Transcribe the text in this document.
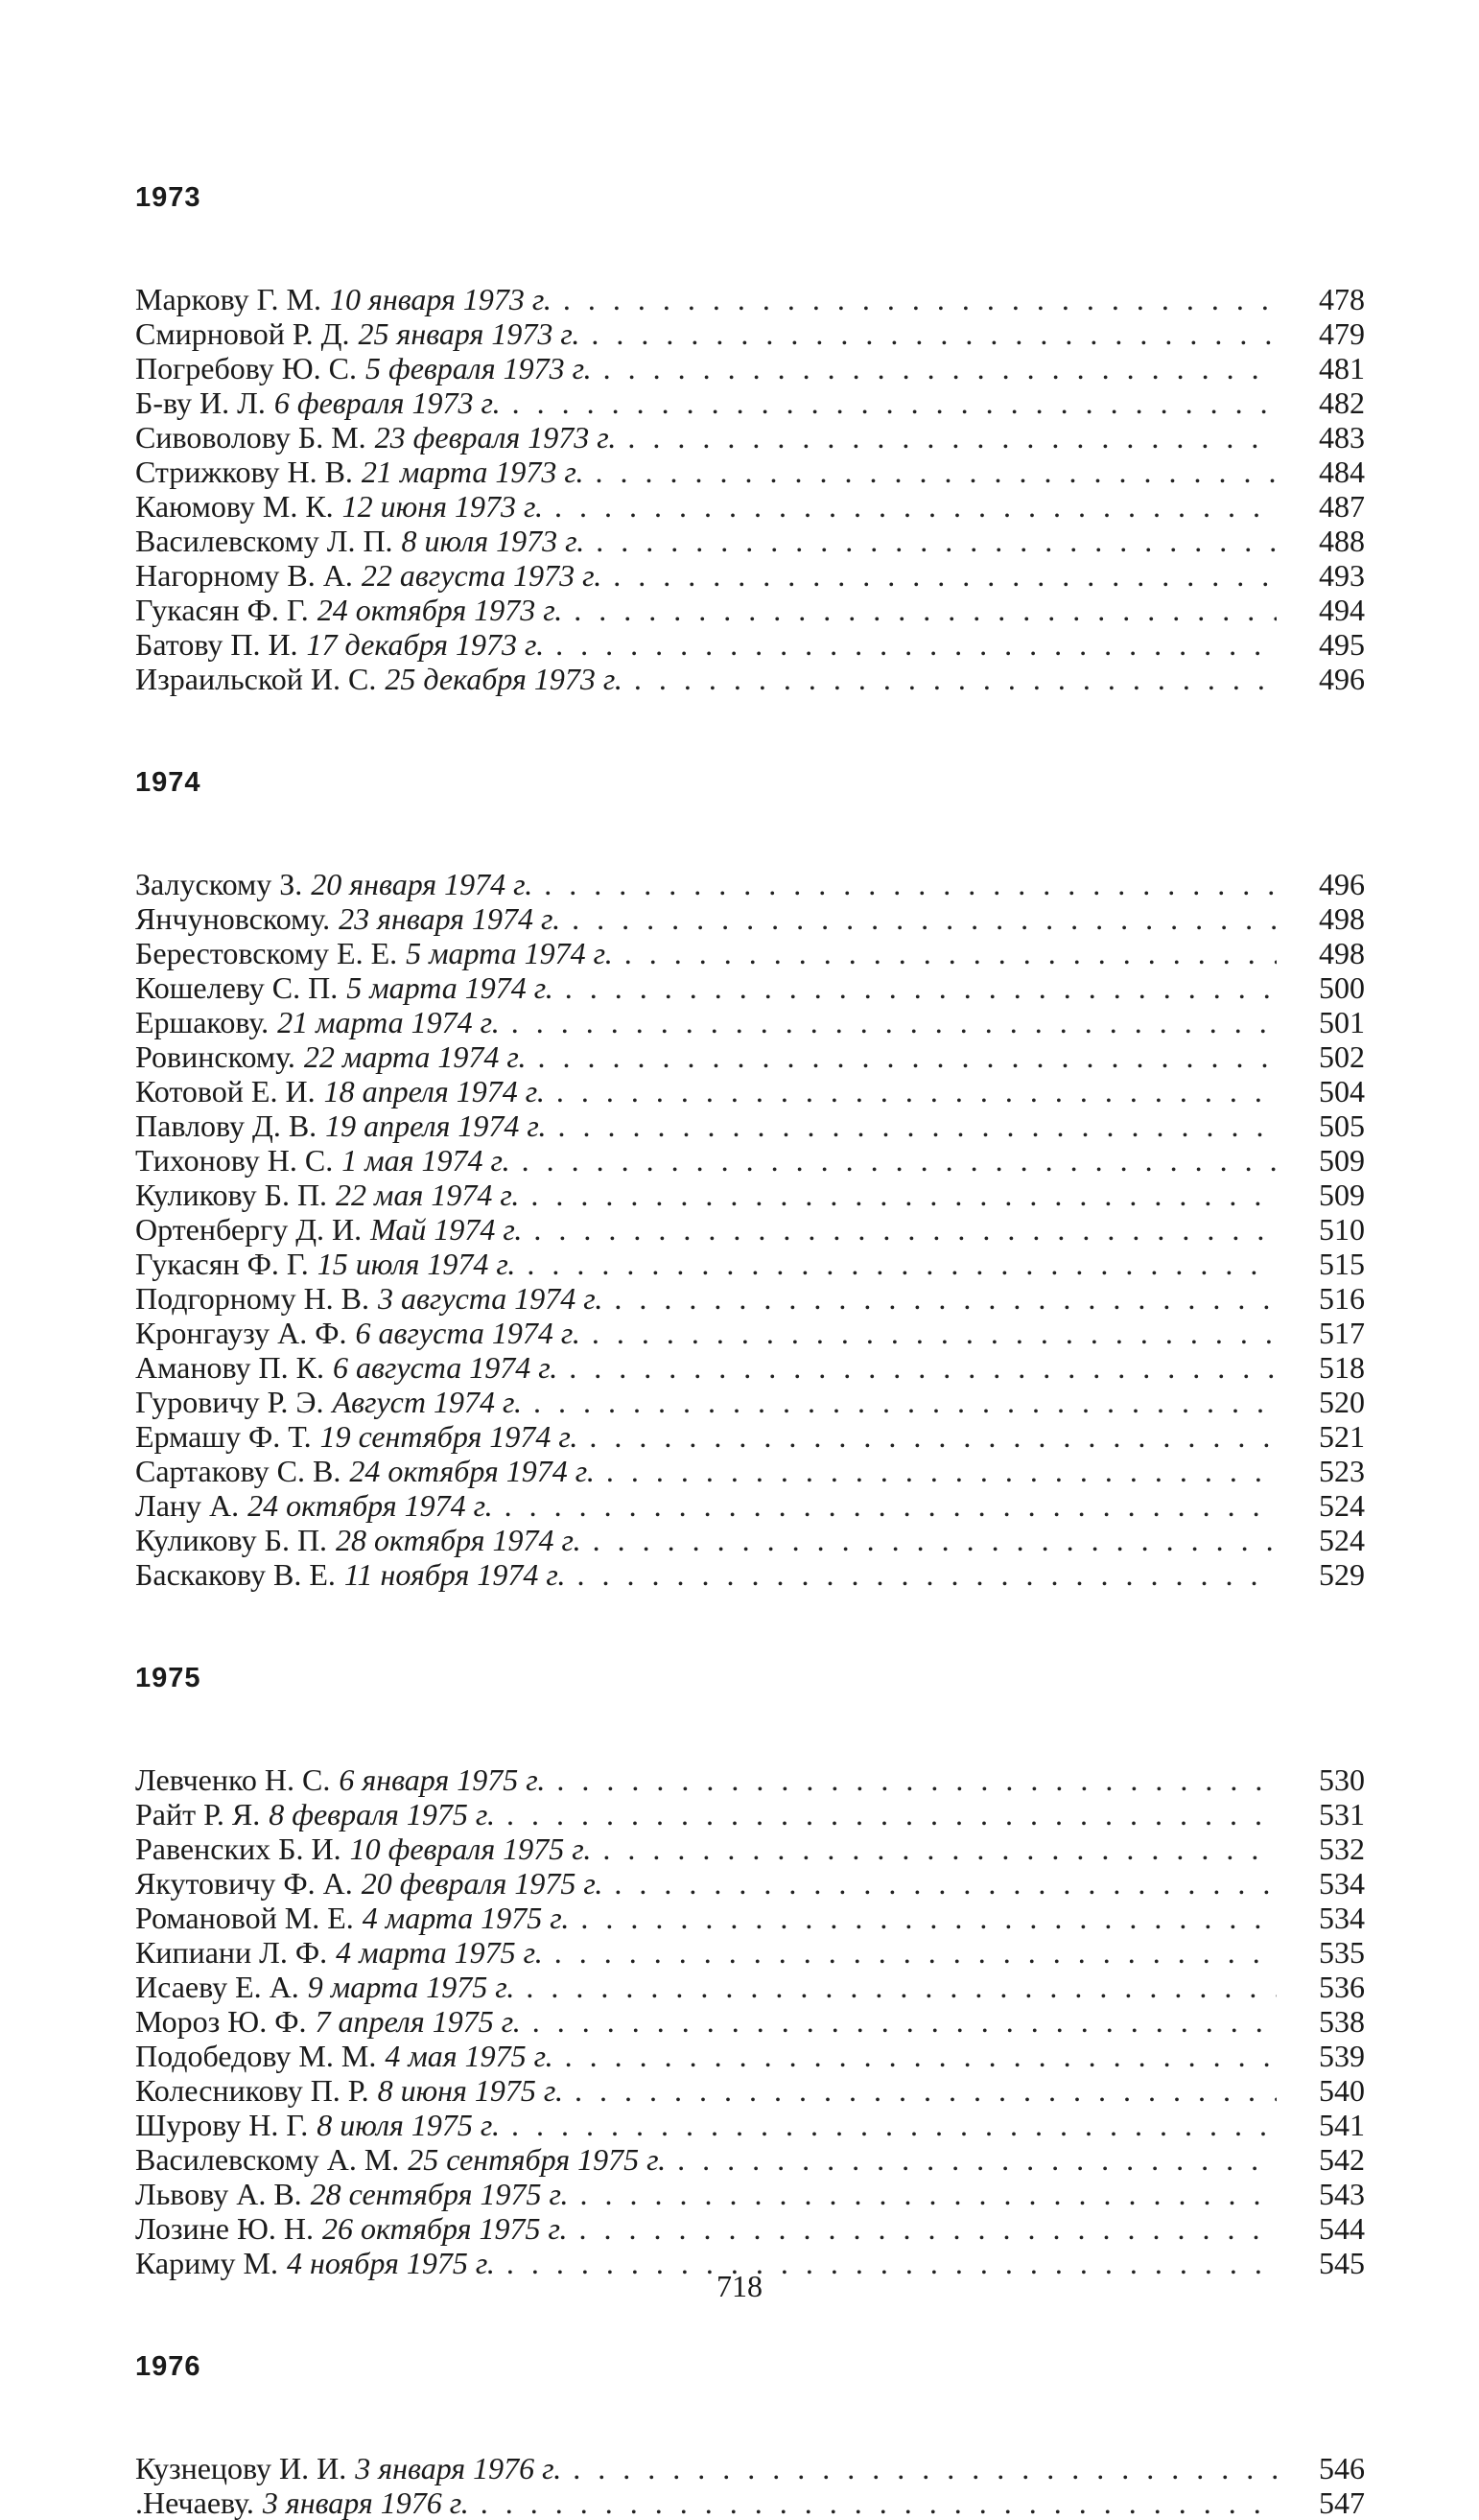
1973
Маркову Г. М. 10 января 1973 г. . . .	478
Смирновой Р. Д. 25 января 1973 г. . . .	479
Погребову Ю. С. 5 февраля 1973 г. . . .	481
Б-ву И. Л. 6 февраля 1973 г. . . .	482
Сивоволову Б. М. 23 февраля 1973 г. . . .	483
Стрижкову Н. В. 21 марта 1973 г. . . .	484
Каюмову М. К. 12 июня 1973 г. . . .	487
Василевскому Л. П. 8 июля 1973 г. . . .	488
Нагорному В. А. 22 августа 1973 г. . . .	493
Гукасян Ф. Г. 24 октября 1973 г. . . .	494
Батову П. И. 17 декабря 1973 г. . . .	495
Израильской И. С. 25 декабря 1973 г. . . .	496
1974
Залускому З. 20 января 1974 г. . . .	496
Янчуновскому. 23 января 1974 г. . . .	498
Берестовскому Е. Е. 5 марта 1974 г. . . .	498
Кошелеву С. П. 5 марта 1974 г. . . .	500
Ершакову. 21 марта 1974 г. . . .	501
Ровинскому. 22 марта 1974 г. . . .	502
Котовой Е. И. 18 апреля 1974 г. . . .	504
Павлову Д. В. 19 апреля 1974 г. . . .	505
Тихонову Н. С. 1 мая 1974 г. . . .	509
Куликову Б. П. 22 мая 1974 г. . . .	509
Ортенбергу Д. И. Май 1974 г. . . .	510
Гукасян Ф. Г. 15 июля 1974 г. . . .	515
Подгорному Н. В. 3 августа 1974 г. . . .	516
Кронгаузу А. Ф. 6 августа 1974 г. . . .	517
Аманову П. К. 6 августа 1974 г. . . .	518
Гуровичу Р. Э. Август 1974 г. . . .	520
Ермашу Ф. Т. 19 сентября 1974 г. . . .	521
Сартакову С. В. 24 октября 1974 г. . . .	523
Лану А. 24 октября 1974 г. . . .	524
Куликову Б. П. 28 октября 1974 г. . . .	524
Баскакову В. Е. 11 ноября 1974 г. . . .	529
1975
Левченко Н. С. 6 января 1975 г. . . .	530
Райт Р. Я. 8 февраля 1975 г. . . .	531
Равенских Б. И. 10 февраля 1975 г. . . .	532
Якутовичу Ф. А. 20 февраля 1975 г. . . .	534
Романовой М. Е. 4 марта 1975 г. . . .	534
Кипиани Л. Ф. 4 марта 1975 г. . . .	535
Исаеву Е. А. 9 марта 1975 г. . . .	536
Мороз Ю. Ф. 7 апреля 1975 г. . . .	538
Подобедову М. М. 4 мая 1975 г. . . .	539
Колесникову П. Р. 8 июня 1975 г. . . .	540
Шурову Н. Г. 8 июля 1975 г. . . .	541
Василевскому А. М. 25 сентября 1975 г. . . .	542
Львову А. В. 28 сентября 1975 г. . . .	543
Лозине Ю. Н. 26 октября 1975 г. . . .	544
Кариму М. 4 ноября 1975 г. . . .	545
1976
Кузнецову И. И. 3 января 1976 г. . . .	546
.Нечаеву. 3 января 1976 г. . . .	547
718
